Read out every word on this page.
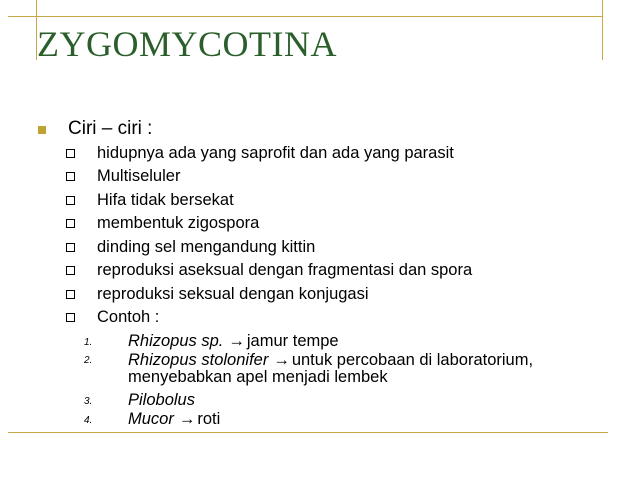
ZYGOMYCOTINA
Ciri – ciri :
hidupnya ada yang saprofit dan ada yang parasit
Multiseluler
Hifa tidak bersekat
membentuk zigospora
dinding sel mengandung kittin
reproduksi aseksual dengan fragmentasi dan spora
reproduksi seksual dengan konjugasi
Contoh :
1. Rhizopus sp. → jamur tempe
2. Rhizopus stolonifer → untuk percobaan di laboratorium,
menyebabkan apel menjadi lembek
3. Pilobolus
4. Mucor → roti
